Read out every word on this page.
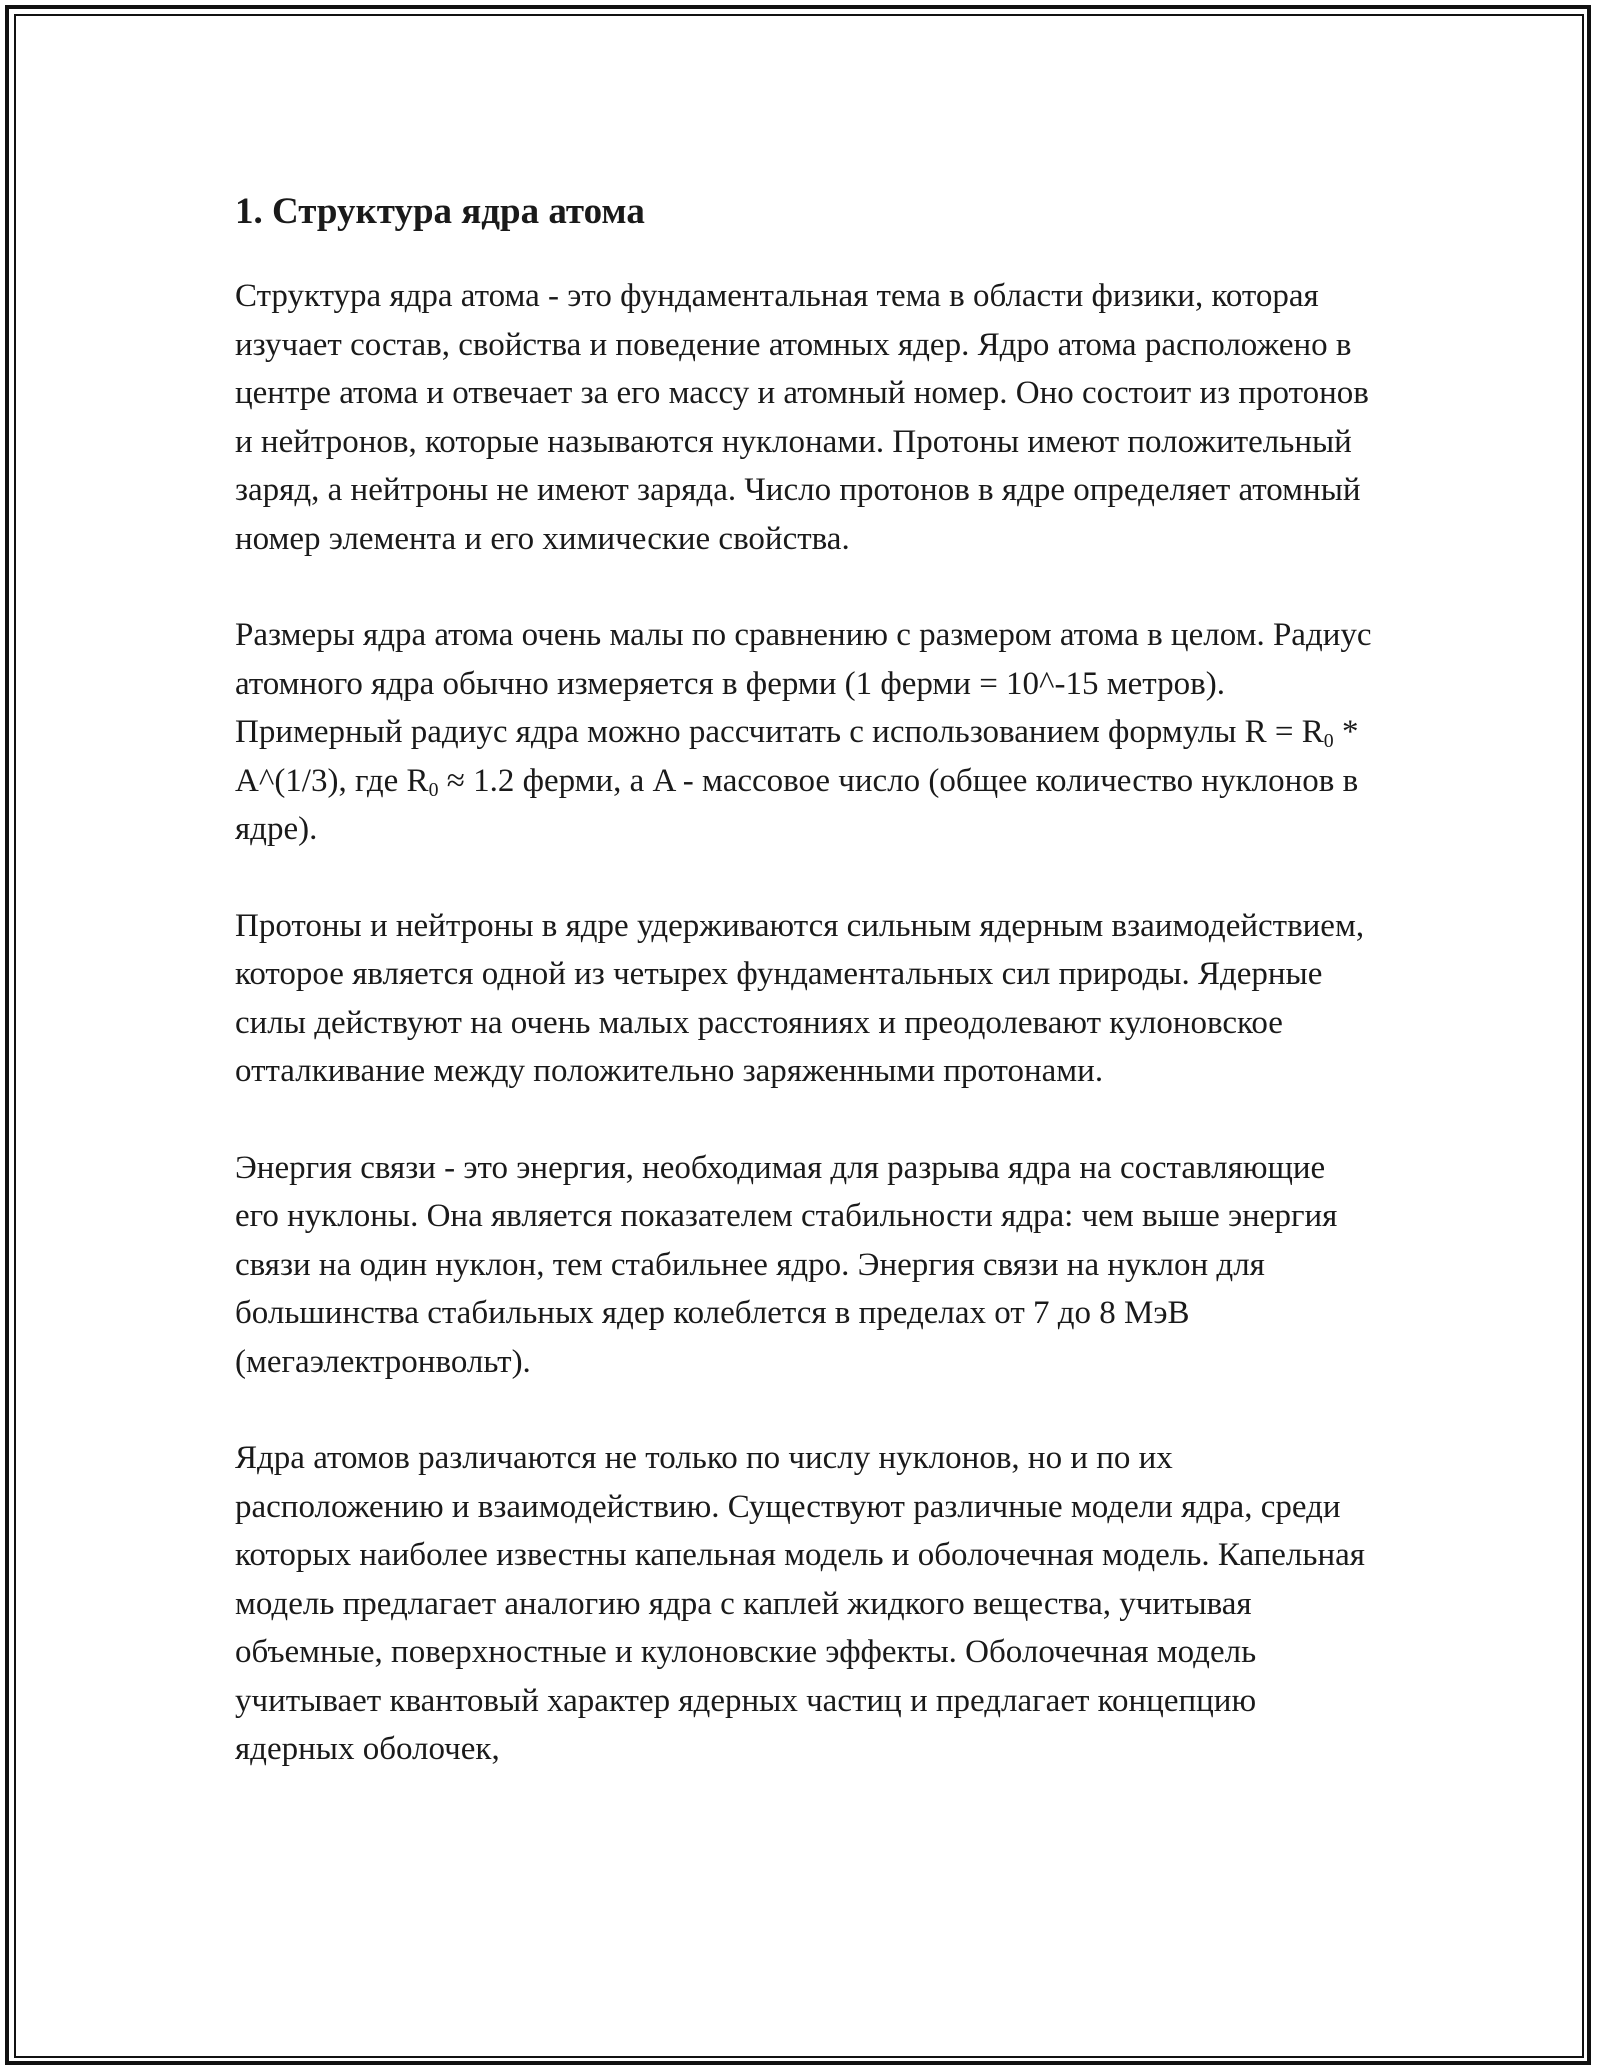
1. Структура ядра атома

Структура ядра атома - это фундаментальная тема в области физики, которая изучает состав, свойства и поведение атомных ядер. Ядро атома расположено в центре атома и отвечает за его массу и атомный номер. Оно состоит из протонов и нейтронов, которые называются нуклонами. Протоны имеют положительный заряд, а нейтроны не имеют заряда. Число протонов в ядре определяет атомный номер элемента и его химические свойства.

Размеры ядра атома очень малы по сравнению с размером атома в целом. Радиус атомного ядра обычно измеряется в ферми (1 ферми = 10^-15 метров). Примерный радиус ядра можно рассчитать с использованием формулы $R = R_0$ * A^(1/3), где $R_0 \approx 1.2$ ферми, а A - массовое число (общее количество нуклонов в ядре).

Протоны и нейтроны в ядре удерживаются сильным ядерным взаимодействием, которое является одной из четырех фундаментальных сил природы. Ядерные силы действуют на очень малых расстояниях и преодолевают кулоновское отталкивание между положительно заряженными протонами.

Энергия связи - это энергия, необходимая для разрыва ядра на составляющие его нуклоны. Она является показателем стабильности ядра: чем выше энергия связи на один нуклон, тем стабильнее ядро. Энергия связи на нуклон для большинства стабильных ядер колеблется в пределах от 7 до 8 МэВ (мегаэлектронвольт).

Ядра атомов различаются не только по числу нуклонов, но и по их расположению и взаимодействию. Существуют различные модели ядра, среди которых наиболее известны капельная модель и оболочечная модель. Капельная модель предлагает аналогию ядра с каплей жидкого вещества, учитывая объемные, поверхностные и кулоновские эффекты. Оболочечная модель учитывает квантовый характер ядерных частиц и предлагает концепцию ядерных оболочек,
